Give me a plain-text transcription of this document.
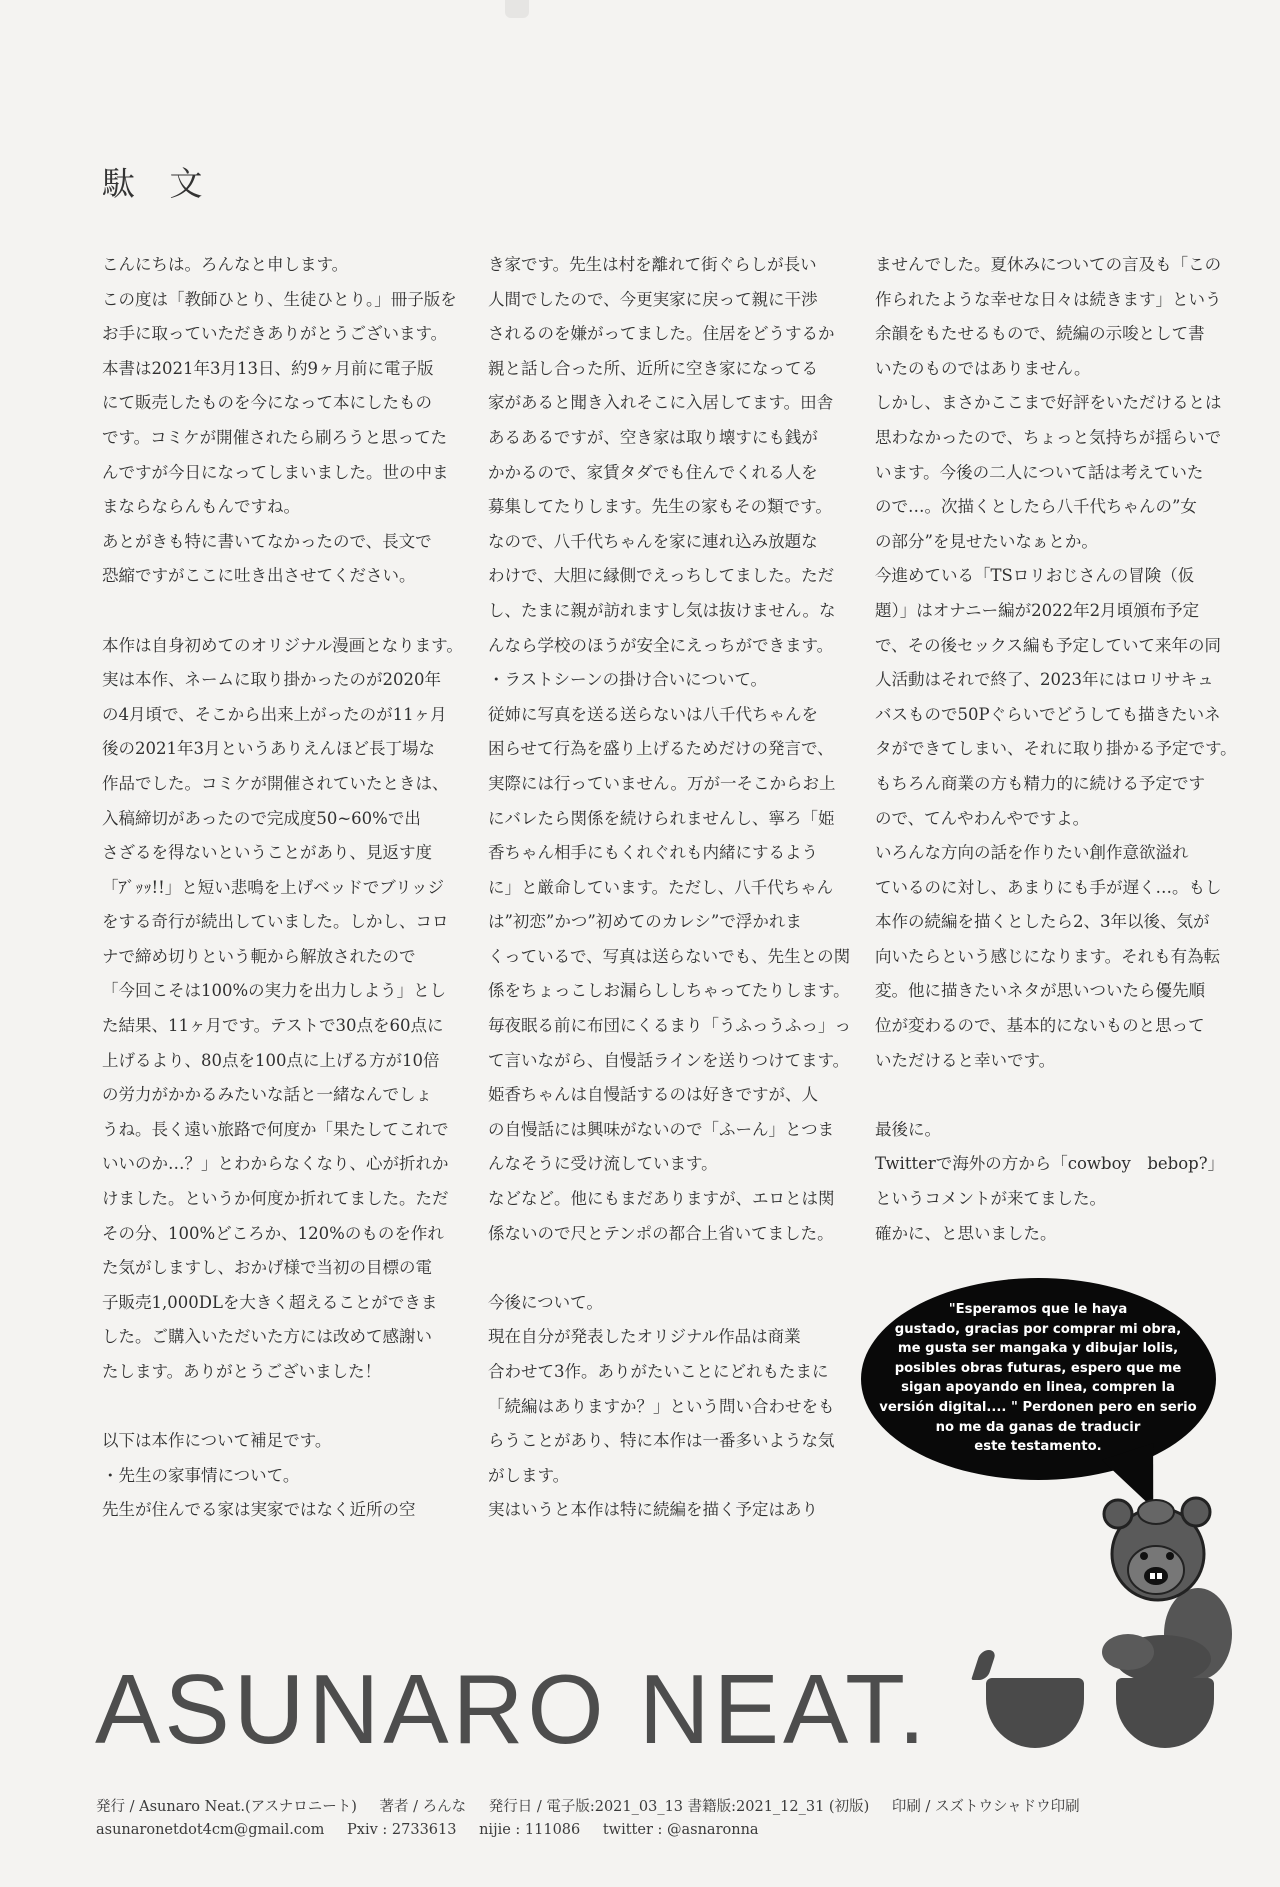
駄 文
こんにちは。ろんなと申します。
この度は「教師ひとり、生徒ひとり。」冊子版を
お手に取っていただきありがとうございます。
本書は2021年3月13日、約9ヶ月前に電子版
にて販売したものを今になって本にしたもの
です。コミケが開催されたら刷ろうと思ってた
んですが今日になってしまいました。世の中ま
まならならんもんですね。
あとがきも特に書いてなかったので、長文で
恐縮ですがここに吐き出させてください。
本作は自身初めてのオリジナル漫画となります。
実は本作、ネームに取り掛かったのが2020年
の4月頃で、そこから出来上がったのが11ヶ月
後の2021年3月というありえんほど長丁場な
作品でした。コミケが開催されていたときは、
入稿締切があったので完成度50~60%で出
さざるを得ないということがあり、見返す度
「ｱﾞｯｯ!!」と短い悲鳴を上げベッドでブリッジ
をする奇行が続出していました。しかし、コロ
ナで締め切りという軛から解放されたので
「今回こそは100%の実力を出力しよう」とし
た結果、11ヶ月です。テストで30点を60点に
上げるより、80点を100点に上げる方が10倍
の労力がかかるみたいな話と一緒なんでしょ
うね。長く遠い旅路で何度か「果たしてこれで
いいのか…？」とわからなくなり、心が折れか
けました。というか何度か折れてました。ただ
その分、100%どころか、120%のものを作れ
た気がしますし、おかげ様で当初の目標の電
子販売1,000DLを大きく超えることができま
した。ご購入いただいた方には改めて感謝い
たします。ありがとうございました！
以下は本作について補足です。
・先生の家事情について。
先生が住んでる家は実家ではなく近所の空
き家です。先生は村を離れて街ぐらしが長い
人間でしたので、今更実家に戻って親に干渉
されるのを嫌がってました。住居をどうするか
親と話し合った所、近所に空き家になってる
家があると聞き入れそこに入居してます。田舎
あるあるですが、空き家は取り壊すにも銭が
かかるので、家賃タダでも住んでくれる人を
募集してたりします。先生の家もその類です。
なので、八千代ちゃんを家に連れ込み放題な
わけで、大胆に縁側でえっちしてました。ただ
し、たまに親が訪れますし気は抜けません。な
んなら学校のほうが安全にえっちができます。
・ラストシーンの掛け合いについて。
従姉に写真を送る送らないは八千代ちゃんを
困らせて行為を盛り上げるためだけの発言で、
実際には行っていません。万が一そこからお上
にバレたら関係を続けられませんし、寧ろ「姫
香ちゃん相手にもくれぐれも内緒にするよう
に」と厳命しています。ただし、八千代ちゃん
は”初恋”かつ”初めてのカレシ”で浮かれま
くっているで、写真は送らないでも、先生との関
係をちょっこしお漏らししちゃってたりします。
毎夜眠る前に布団にくるまり「うふっうふっ」っ
て言いながら、自慢話ラインを送りつけてます。
姫香ちゃんは自慢話するのは好きですが、人
の自慢話には興味がないので「ふーん」とつま
んなそうに受け流しています。
などなど。他にもまだありますが、エロとは関
係ないので尺とテンポの都合上省いてました。
今後について。
現在自分が発表したオリジナル作品は商業
合わせて3作。ありがたいことにどれもたまに
「続編はありますか？」という問い合わせをも
らうことがあり、特に本作は一番多いような気
がします。
実はいうと本作は特に続編を描く予定はあり
ませんでした。夏休みについての言及も「この
作られたような幸せな日々は続きます」という
余韻をもたせるもので、続編の示唆として書
いたのものではありません。
しかし、まさかここまで好評をいただけるとは
思わなかったので、ちょっと気持ちが揺らいで
います。今後の二人について話は考えていた
ので…。次描くとしたら八千代ちゃんの”女
の部分”を見せたいなぁとか。
今進めている「TSロリおじさんの冒険（仮
題）」はオナニー編が2022年2月頃頒布予定
で、その後セックス編も予定していて来年の同
人活動はそれで終了、2023年にはロリサキュ
バスもので50Pぐらいでどうしても描きたいネ
タができてしまい、それに取り掛かる予定です。
もちろん商業の方も精力的に続ける予定です
ので、てんやわんやですよ。
いろんな方向の話を作りたい創作意欲溢れ
ているのに対し、あまりにも手が遅く…。もし
本作の続編を描くとしたら2、3年以後、気が
向いたらという感じになります。それも有為転
変。他に描きたいネタが思いついたら優先順
位が変わるので、基本的にないものと思って
いただけると幸いです。
最後に。
Twitterで海外の方から「cowboy　bebop?」
というコメントが来てました。
確かに、と思いました。
"Esperamos que le haya
gustado, gracias por comprar mi obra,
me gusta ser mangaka y dibujar lolis,
posibles obras futuras, espero que me
sigan apoyando en linea, compren la
versión digital.... " Perdonen pero en serio
no me da ganas de traducir
este testamento.
ASUNARO NEAT.
発行 / Asunaro Neat.(アスナロニート) 著者 / ろんな 発行日 / 電子版:2021_03_13 書籍版:2021_12_31 (初版) 印刷 / スズトウシャドウ印刷
asunaronetdot4cm@gmail.com Pxiv : 2733613 nijie : 111086 twitter : @asnaronna
